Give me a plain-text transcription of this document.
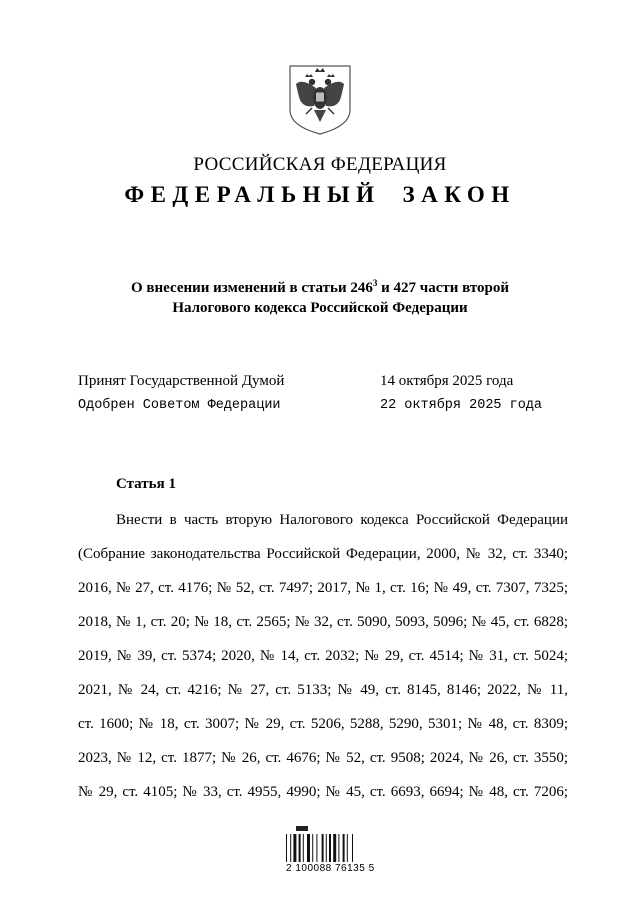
РОССИЙСКАЯ ФЕДЕРАЦИЯ
ФЕДЕРАЛЬНЫЙ ЗАКОН
О внесении изменений в статьи $246^3$ и 427 части второй
Налогового кодекса Российской Федерации
Принят Государственной Думой	14 октября 2025 года
Одобрен Советом Федерации	22 октября 2025 года
Статья 1
Внести в часть вторую Налогового кодекса Российской Федерации
(Собрание законодательства Российской Федерации, 2000, № 32, ст. 3340;
2016, № 27, ст. 4176; № 52, ст. 7497; 2017, № 1, ст. 16; № 49, ст. 7307, 7325;
2018, № 1, ст. 20; № 18, ст. 2565; № 32, ст. 5090, 5093, 5096; № 45, ст. 6828;
2019, № 39, ст. 5374; 2020, № 14, ст. 2032; № 29, ст. 4514; № 31, ст. 5024;
2021, № 24, ст. 4216; № 27, ст. 5133; № 49, ст. 8145, 8146; 2022, № 11,
ст. 1600; № 18, ст. 3007; № 29, ст. 5206, 5288, 5290, 5301; № 48, ст. 8309;
2023, № 12, ст. 1877; № 26, ст. 4676; № 52, ст. 9508; 2024, № 26, ст. 3550;
№ 29, ст. 4105; № 33, ст. 4955, 4990; № 45, ст. 6693, 6694; № 48, ст. 7206;
2 100088 76135 5
